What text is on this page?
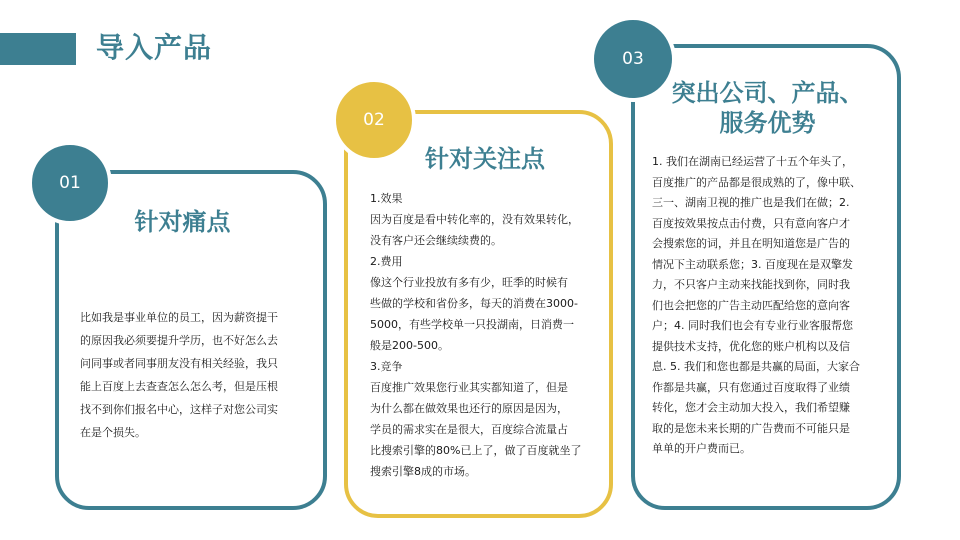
导入产品
01
02
03
针对痛点
针对关注点
突出公司、产品、
服务优势
比如我是事业单位的员工，因为薪资提干
的原因我必须要提升学历，也不好怎么去
问同事或者同事朋友没有相关经验，我只
能上百度上去查查怎么怎么考，但是压根
找不到你们报名中心，这样子对您公司实
在是个损失。
1.效果
因为百度是看中转化率的，没有效果转化，
没有客户还会继续续费的。
2.费用
像这个行业投放有多有少，旺季的时候有
些做的学校和省份多，每天的消费在3000-
5000，有些学校单一只投湖南，日消费一
般是200-500。
3.竞争
百度推广效果您行业其实都知道了，但是
为什么都在做效果也还行的原因是因为，
学员的需求实在是很大，百度综合流量占
比搜索引擎的80%已上了，做了百度就坐了
搜索引擎8成的市场。
1. 我们在湖南已经运营了十五个年头了，
百度推广的产品都是很成熟的了，像中联、
三一、湖南卫视的推广也是我们在做；2.
百度按效果按点击付费，只有意向客户才
会搜索您的词，并且在明知道您是广告的
情况下主动联系您；3. 百度现在是双擎发
力，不只客户主动来找能找到你，同时我
们也会把您的广告主动匹配给您的意向客
户；4. 同时我们也会有专业行业客服帮您
提供技术支持，优化您的账户机构以及信
息. 5. 我们和您也都是共赢的局面，大家合
作都是共赢，只有您通过百度取得了业绩
转化，您才会主动加大投入，我们希望赚
取的是您未来长期的广告费而不可能只是
单单的开户费而已。
